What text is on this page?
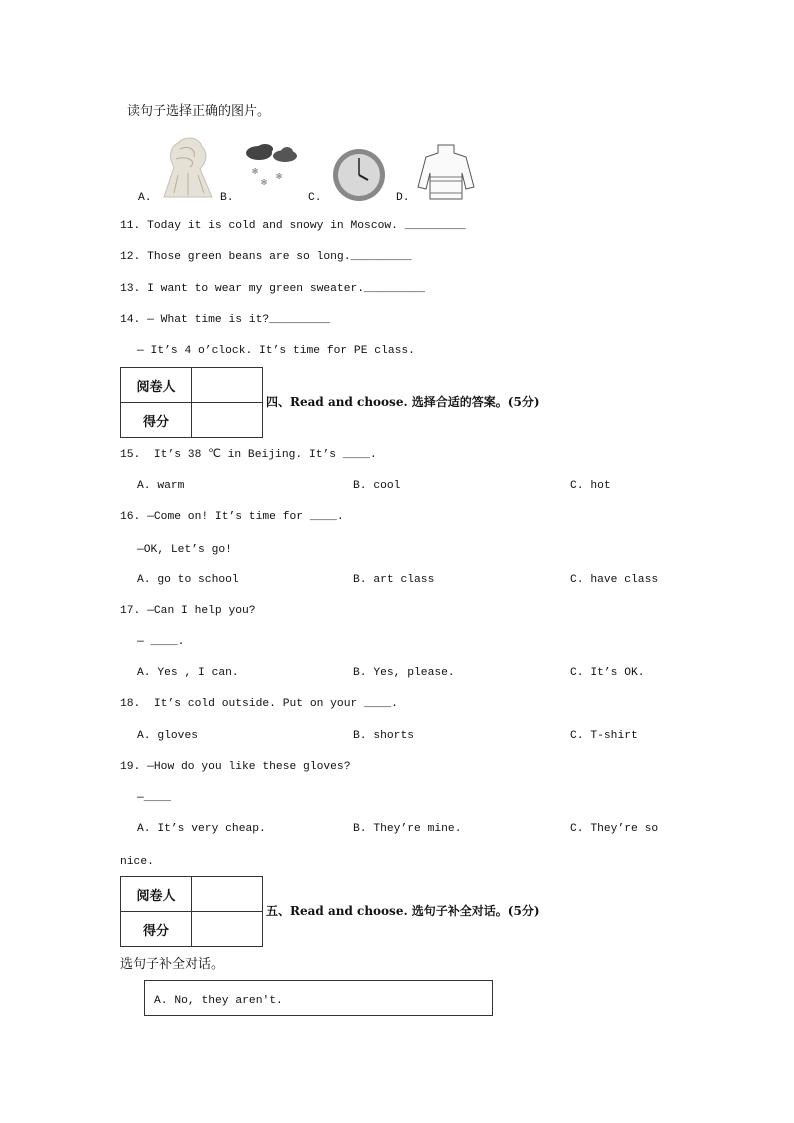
读句子选择正确的图片。
A.	B.
✻ ✻
✻
C.	D.
11. Today it is cold and snowy in Moscow. _________
12. Those green beans are so long._________
13. I want to wear my green sweater._________
14. — What time is it?_________
— It’s 4 o’clock. It’s time for PE class.
阅卷人	
得分	
四、Read and choose. 选择合适的答案。(5分)
15.  It’s 38 ℃ in Beijing. It’s ____.
A. warm	B. cool	C. hot
16. —Come on! It’s time for ____.
—OK, Let’s go!
A. go to school	B. art class	C. have class
17. —Can I help you?
— ____.
A. Yes , I can.	B. Yes, please.	C. It’s OK.
18.  It’s cold outside. Put on your ____.
A. gloves	B. shorts	C. T-shirt
19. —How do you like these gloves?
—____
A. It’s very cheap.	B. They’re mine.	C. They’re so
nice.
阅卷人	
得分	
五、Read and choose. 选句子补全对话。(5分)
选句子补全对话。
A. No, they aren't.
